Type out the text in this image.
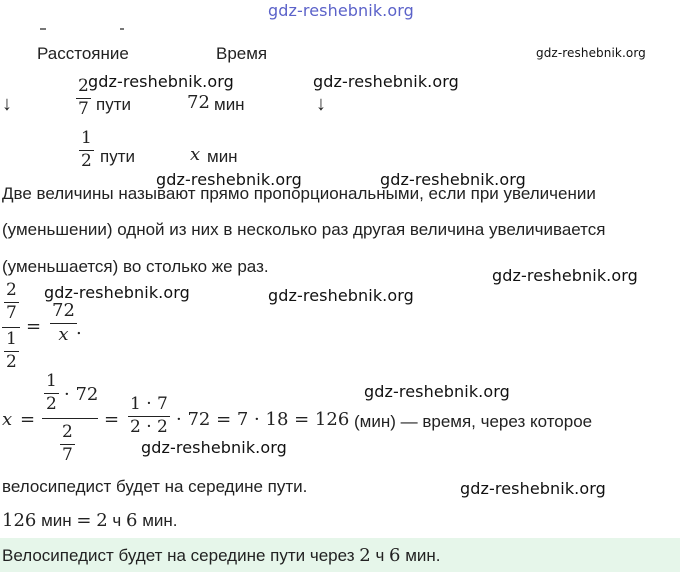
gdz-reshebnik.org
Расстояние	Время	gdz-reshebnik.org
↓	↓
2
7
gdz-reshebnik.org
пути	72 мин
gdz-reshebnik.org
1
2 пути	x мин
gdz-reshebnik.org	gdz-reshebnik.org
Две величины называют прямо пропорциональными, если при увеличении
(уменьшении) одной из них в несколько раз другая величина увеличивается
(уменьшается) во столько же раз.	gdz-reshebnik.org
gdz-reshebnik.org	gdz-reshebnik.org
2
7
1
2
=
72
x .
x =
1
2 · 72
2
7
=
1 · 7
2 · 2 · 72 = 7 · 18 = 126 (мин) — время, через которое
gdz-reshebnik.org
gdz-reshebnik.org
велосипедист будет на середине пути.	gdz-reshebnik.org
126 мин = 2 ч 6 мин.
Велосипедист будет на середине пути через 2 ч 6 мин.
